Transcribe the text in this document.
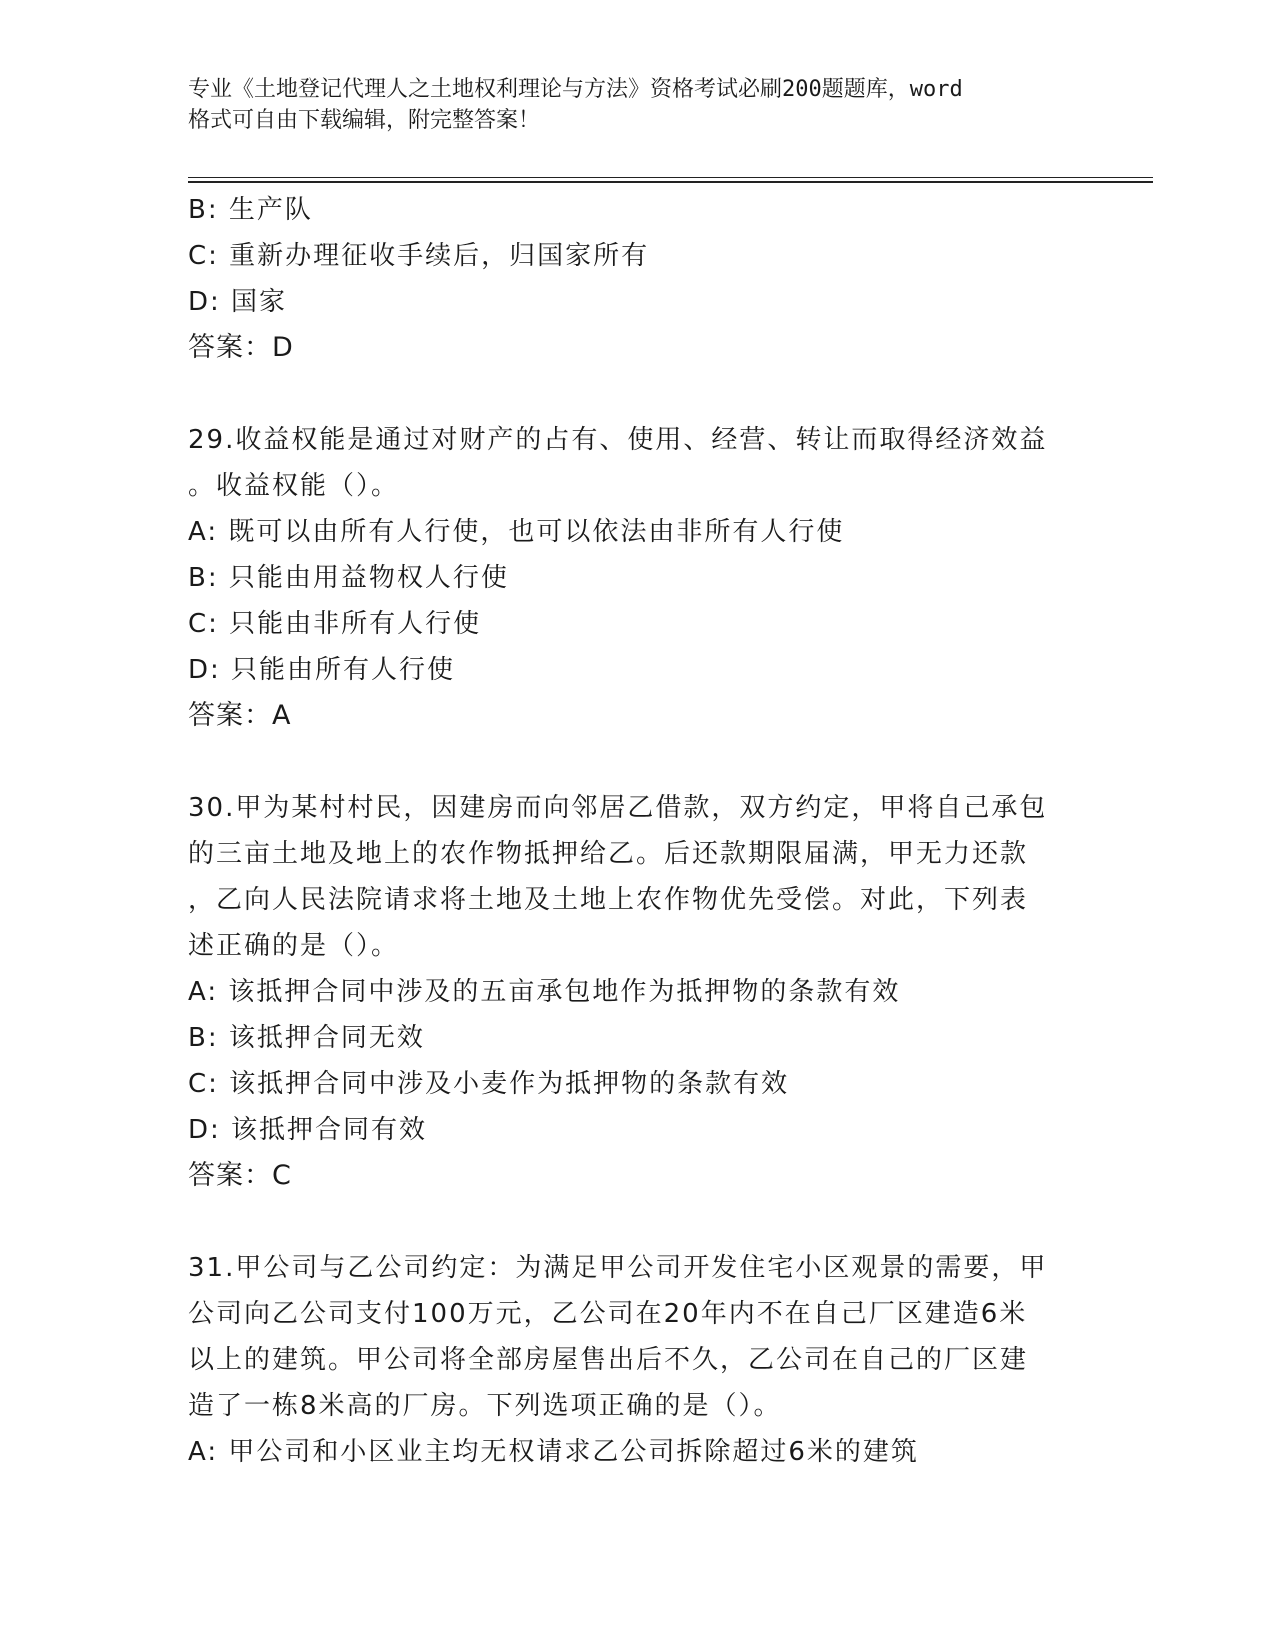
专业《土地登记代理人之土地权利理论与方法》资格考试必刷200题题库，word
格式可自由下载编辑，附完整答案！
B: 生产队
C: 重新办理征收手续后，归国家所有
D: 国家
答案：D
29.收益权能是通过对财产的占有、使用、经营、转让而取得经济效益
。收益权能（）。
A: 既可以由所有人行使，也可以依法由非所有人行使
B: 只能由用益物权人行使
C: 只能由非所有人行使
D: 只能由所有人行使
答案：A
30.甲为某村村民，因建房而向邻居乙借款，双方约定，甲将自己承包
的三亩土地及地上的农作物抵押给乙。后还款期限届满，甲无力还款
，乙向人民法院请求将土地及土地上农作物优先受偿。对此，下列表
述正确的是（）。
A: 该抵押合同中涉及的五亩承包地作为抵押物的条款有效
B: 该抵押合同无效
C: 该抵押合同中涉及小麦作为抵押物的条款有效
D: 该抵押合同有效
答案：C
31.甲公司与乙公司约定：为满足甲公司开发住宅小区观景的需要，甲
公司向乙公司支付100万元，乙公司在20年内不在自己厂区建造6米
以上的建筑。甲公司将全部房屋售出后不久，乙公司在自己的厂区建
造了一栋8米高的厂房。下列选项正确的是（）。
A: 甲公司和小区业主均无权请求乙公司拆除超过6米的建筑
